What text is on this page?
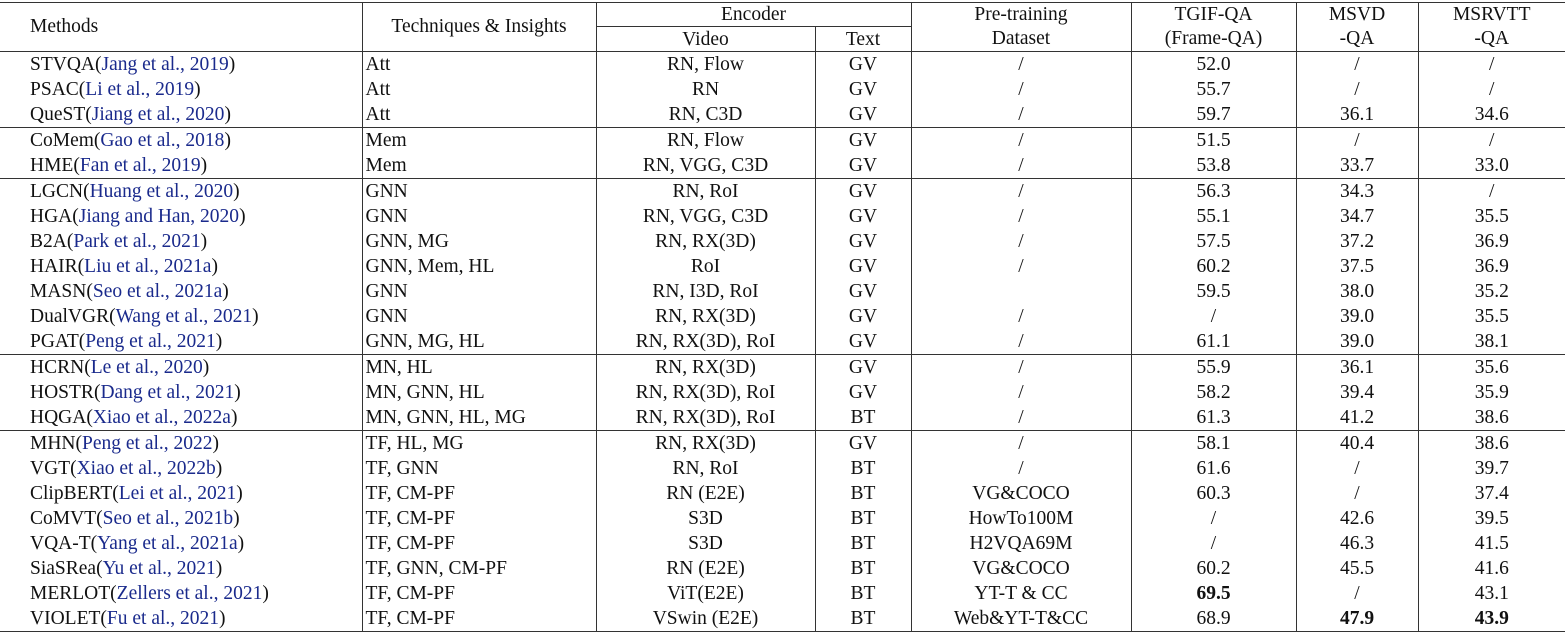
Methods	Techniques & Insights	Encoder		Pre-training	TGIF-QA	MSVD	MSRVTT
		Video	Text	Dataset	(Frame-QA)	-QA	-QA
STVQA(Jang et al., 2019)	Att	RN, Flow	GV	/	52.0	/	/
PSAC(Li et al., 2019)	Att	RN	GV	/	55.7	/	/
QueST(Jiang et al., 2020)	Att	RN, C3D	GV	/	59.7	36.1	34.6
CoMem(Gao et al., 2018)	Mem	RN, Flow	GV	/	51.5	/	/
HME(Fan et al., 2019)	Mem	RN, VGG, C3D	GV	/	53.8	33.7	33.0
LGCN(Huang et al., 2020)	GNN	RN, RoI	GV	/	56.3	34.3	/
HGA(Jiang and Han, 2020)	GNN	RN, VGG, C3D	GV	/	55.1	34.7	35.5
B2A(Park et al., 2021)	GNN, MG	RN, RX(3D)	GV	/	57.5	37.2	36.9
HAIR(Liu et al., 2021a)	GNN, Mem, HL	RoI	GV	/	60.2	37.5	36.9
MASN(Seo et al., 2021a)	GNN	RN, I3D, RoI	GV		59.5	38.0	35.2
DualVGR(Wang et al., 2021)	GNN	RN, RX(3D)	GV	/	/	39.0	35.5
PGAT(Peng et al., 2021)	GNN, MG, HL	RN, RX(3D), RoI	GV	/	61.1	39.0	38.1
HCRN(Le et al., 2020)	MN, HL	RN, RX(3D)	GV	/	55.9	36.1	35.6
HOSTR(Dang et al., 2021)	MN, GNN, HL	RN, RX(3D), RoI	GV	/	58.2	39.4	35.9
HQGA(Xiao et al., 2022a)	MN, GNN, HL, MG	RN, RX(3D), RoI	BT	/	61.3	41.2	38.6
MHN(Peng et al., 2022)	TF, HL, MG	RN, RX(3D)	GV	/	58.1	40.4	38.6
VGT(Xiao et al., 2022b)	TF, GNN	RN, RoI	BT	/	61.6	/	39.7
ClipBERT(Lei et al., 2021)	TF, CM-PF	RN (E2E)	BT	VG&COCO	60.3	/	37.4
CoMVT(Seo et al., 2021b)	TF, CM-PF	S3D	BT	HowTo100M	/	42.6	39.5
VQA-T(Yang et al., 2021a)	TF, CM-PF	S3D	BT	H2VQA69M	/	46.3	41.5
SiaSRea(Yu et al., 2021)	TF, GNN, CM-PF	RN (E2E)	BT	VG&COCO	60.2	45.5	41.6
MERLOT(Zellers et al., 2021)	TF, CM-PF	ViT(E2E)	BT	YT-T & CC	69.5	/	43.1
VIOLET(Fu et al., 2021)	TF, CM-PF	VSwin (E2E)	BT	Web&YT-T&CC	68.9	47.9	43.9
